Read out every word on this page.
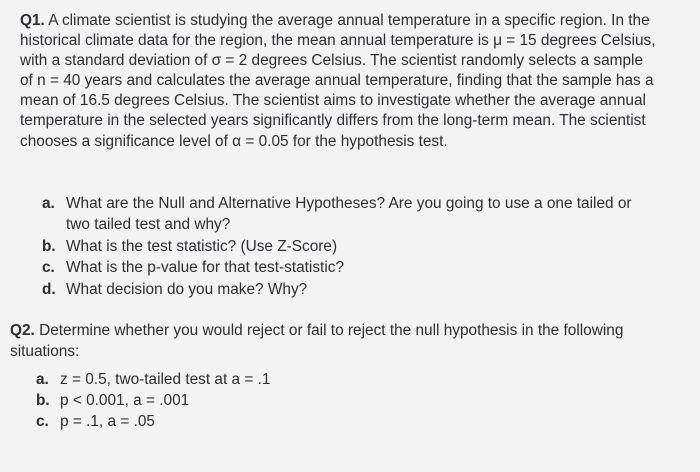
Q1. A climate scientist is studying the average annual temperature in a specific region. In the historical climate data for the region, the mean annual temperature is μ = 15 degrees Celsius, with a standard deviation of σ = 2 degrees Celsius. The scientist randomly selects a sample of n = 40 years and calculates the average annual temperature, finding that the sample has a mean of 16.5 degrees Celsius. The scientist aims to investigate whether the average annual temperature in the selected years significantly differs from the long-term mean. The scientist chooses a significance level of α = 0.05 for the hypothesis test.

a. What are the Null and Alternative Hypotheses? Are you going to use a one tailed or two tailed test and why?
b. What is the test statistic? (Use Z-Score)
c. What is the p-value for that test-statistic?
d. What decision do you make? Why?

Q2. Determine whether you would reject or fail to reject the null hypothesis in the following situations:

a. z = 0.5, two-tailed test at a = .1
b. p < 0.001, a = .001
c. p = .1, a = .05
